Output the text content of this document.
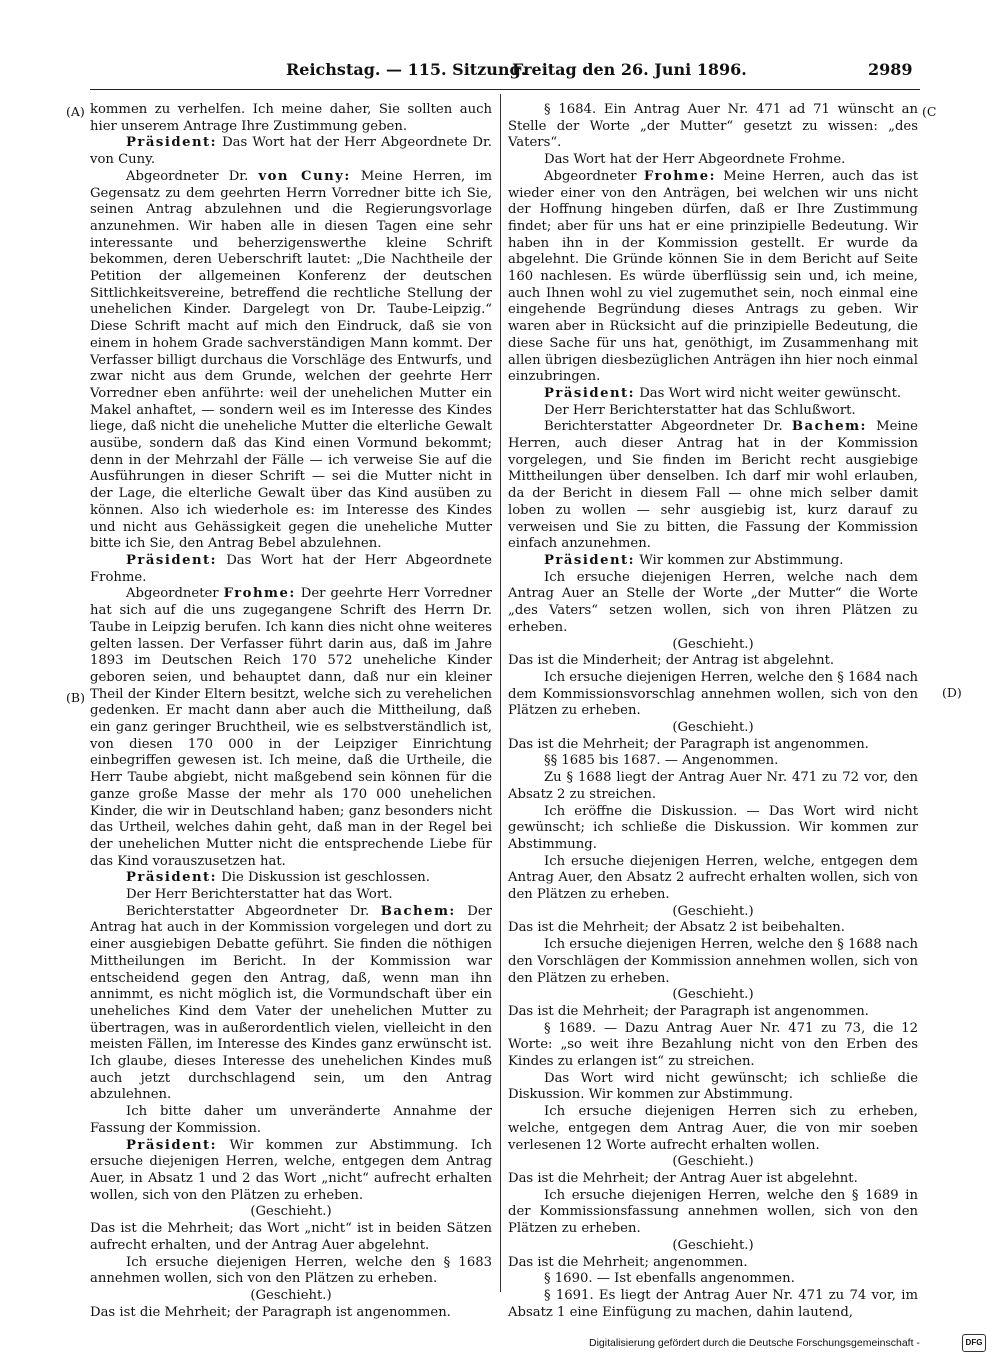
Reichstag. — 115. Sitzung.
Freitag den 26. Juni 1896.	2989
(A)
(B)
(C
(D)

kommen zu verhelfen. Ich meine daher, Sie sollten auch hier unserem Antrage Ihre Zustimmung geben.

Präsident: Das Wort hat der Herr Abgeordnete Dr. von Cuny.

Abgeordneter Dr. von Cuny: Meine Herren, im Gegensatz zu dem geehrten Herrn Vorredner bitte ich Sie, seinen Antrag abzulehnen und die Regierungsvorlage anzunehmen. Wir haben alle in diesen Tagen eine sehr interessante und beherzigenswerthe kleine Schrift bekommen, deren Ueberschrift lautet: „Die Nachtheile der Petition der allgemeinen Konferenz der deutschen Sittlichkeitsvereine, betreffend die rechtliche Stellung der unehelichen Kinder. Dargelegt von Dr. Taube-Leipzig.“ Diese Schrift macht auf mich den Eindruck, daß sie von einem in hohem Grade sachverständigen Mann kommt. Der Verfasser billigt durchaus die Vorschläge des Entwurfs, und zwar nicht aus dem Grunde, welchen der geehrte Herr Vorredner eben anführte: weil der unehelichen Mutter ein Makel anhaftet, — sondern weil es im Interesse des Kindes liege, daß nicht die uneheliche Mutter die elterliche Gewalt ausübe, sondern daß das Kind einen Vormund bekommt; denn in der Mehrzahl der Fälle — ich verweise Sie auf die Ausführungen in dieser Schrift — sei die Mutter nicht in der Lage, die elterliche Gewalt über das Kind ausüben zu können. Also ich wiederhole es: im Interesse des Kindes und nicht aus Gehässigkeit gegen die uneheliche Mutter bitte ich Sie, den Antrag Bebel abzulehnen.

Präsident: Das Wort hat der Herr Abgeordnete Frohme.

Abgeordneter Frohme: Der geehrte Herr Vorredner hat sich auf die uns zugegangene Schrift des Herrn Dr. Taube in Leipzig berufen. Ich kann dies nicht ohne weiteres gelten lassen. Der Verfasser führt darin aus, daß im Jahre 1893 im Deutschen Reich 170 572 uneheliche Kinder geboren seien, und behauptet dann, daß nur ein kleiner Theil der Kinder Eltern besitzt, welche sich zu verehelichen gedenken. Er macht dann aber auch die Mittheilung, daß ein ganz geringer Bruchtheil, wie es selbstverständlich ist, von diesen 170 000 in der Leipziger Einrichtung einbegriffen gewesen ist. Ich meine, daß die Urtheile, die Herr Taube abgiebt, nicht maßgebend sein können für die ganze große Masse der mehr als 170 000 unehelichen Kinder, die wir in Deutschland haben; ganz besonders nicht das Urtheil, welches dahin geht, daß man in der Regel bei der unehelichen Mutter nicht die entsprechende Liebe für das Kind vorauszusetzen hat.

Präsident: Die Diskussion ist geschlossen.

Der Herr Berichterstatter hat das Wort.

Berichterstatter Abgeordneter Dr. Bachem: Der Antrag hat auch in der Kommission vorgelegen und dort zu einer ausgiebigen Debatte geführt. Sie finden die nöthigen Mittheilungen im Bericht. In der Kommission war entscheidend gegen den Antrag, daß, wenn man ihn annimmt, es nicht möglich ist, die Vormundschaft über ein uneheliches Kind dem Vater der unehelichen Mutter zu übertragen, was in außerordentlich vielen, vielleicht in den meisten Fällen, im Interesse des Kindes ganz erwünscht ist. Ich glaube, dieses Interesse des unehelichen Kindes muß auch jetzt durchschlagend sein, um den Antrag abzulehnen.

Ich bitte daher um unveränderte Annahme der Fassung der Kommission.

Präsident: Wir kommen zur Abstimmung. Ich ersuche diejenigen Herren, welche, entgegen dem Antrag Auer, in Absatz 1 und 2 das Wort „nicht“ aufrecht erhalten wollen, sich von den Plätzen zu erheben.

(Geschieht.)

Das ist die Mehrheit; das Wort „nicht“ ist in beiden Sätzen aufrecht erhalten, und der Antrag Auer abgelehnt.

Ich ersuche diejenigen Herren, welche den § 1683 annehmen wollen, sich von den Plätzen zu erheben.

(Geschieht.)

Das ist die Mehrheit; der Paragraph ist angenommen.

§ 1684. Ein Antrag Auer Nr. 471 ad 71 wünscht an Stelle der Worte „der Mutter“ gesetzt zu wissen: „des Vaters“.

Das Wort hat der Herr Abgeordnete Frohme.

Abgeordneter Frohme: Meine Herren, auch das ist wieder einer von den Anträgen, bei welchen wir uns nicht der Hoffnung hingeben dürfen, daß er Ihre Zustimmung findet; aber für uns hat er eine prinzipielle Bedeutung. Wir haben ihn in der Kommission gestellt. Er wurde da abgelehnt. Die Gründe können Sie in dem Bericht auf Seite 160 nachlesen. Es würde überflüssig sein und, ich meine, auch Ihnen wohl zu viel zugemuthet sein, noch einmal eine eingehende Begründung dieses Antrags zu geben. Wir waren aber in Rücksicht auf die prinzipielle Bedeutung, die diese Sache für uns hat, genöthigt, im Zusammenhang mit allen übrigen diesbezüglichen Anträgen ihn hier noch einmal einzubringen.

Präsident: Das Wort wird nicht weiter gewünscht.

Der Herr Berichterstatter hat das Schlußwort.

Berichterstatter Abgeordneter Dr. Bachem: Meine Herren, auch dieser Antrag hat in der Kommission vorgelegen, und Sie finden im Bericht recht ausgiebige Mittheilungen über denselben. Ich darf mir wohl erlauben, da der Bericht in diesem Fall — ohne mich selber damit loben zu wollen — sehr ausgiebig ist, kurz darauf zu verweisen und Sie zu bitten, die Fassung der Kommission einfach anzunehmen.

Präsident: Wir kommen zur Abstimmung.

Ich ersuche diejenigen Herren, welche nach dem Antrag Auer an Stelle der Worte „der Mutter“ die Worte „des Vaters“ setzen wollen, sich von ihren Plätzen zu erheben.

(Geschieht.)

Das ist die Minderheit; der Antrag ist abgelehnt.

Ich ersuche diejenigen Herren, welche den § 1684 nach dem Kommissionsvorschlag annehmen wollen, sich von den Plätzen zu erheben.

(Geschieht.)

Das ist die Mehrheit; der Paragraph ist angenommen.

§§ 1685 bis 1687. — Angenommen.

Zu § 1688 liegt der Antrag Auer Nr. 471 zu 72 vor, den Absatz 2 zu streichen.

Ich eröffne die Diskussion. — Das Wort wird nicht gewünscht; ich schließe die Diskussion. Wir kommen zur Abstimmung.

Ich ersuche diejenigen Herren, welche, entgegen dem Antrag Auer, den Absatz 2 aufrecht erhalten wollen, sich von den Plätzen zu erheben.

(Geschieht.)

Das ist die Mehrheit; der Absatz 2 ist beibehalten.

Ich ersuche diejenigen Herren, welche den § 1688 nach den Vorschlägen der Kommission annehmen wollen, sich von den Plätzen zu erheben.

(Geschieht.)

Das ist die Mehrheit; der Paragraph ist angenommen.

§ 1689. — Dazu Antrag Auer Nr. 471 zu 73, die 12 Worte: „so weit ihre Bezahlung nicht von den Erben des Kindes zu erlangen ist“ zu streichen.

Das Wort wird nicht gewünscht; ich schließe die Diskussion. Wir kommen zur Abstimmung.

Ich ersuche diejenigen Herren sich zu erheben, welche, entgegen dem Antrag Auer, die von mir soeben verlesenen 12 Worte aufrecht erhalten wollen.

(Geschieht.)

Das ist die Mehrheit; der Antrag Auer ist abgelehnt.

Ich ersuche diejenigen Herren, welche den § 1689 in der Kommissionsfassung annehmen wollen, sich von den Plätzen zu erheben.

(Geschieht.)

Das ist die Mehrheit; angenommen.

§ 1690. — Ist ebenfalls angenommen.

§ 1691. Es liegt der Antrag Auer Nr. 471 zu 74 vor, im Absatz 1 eine Einfügung zu machen, dahin lautend,

Digitalisierung gefördert durch die Deutsche Forschungsgemeinschaft -	DFG
